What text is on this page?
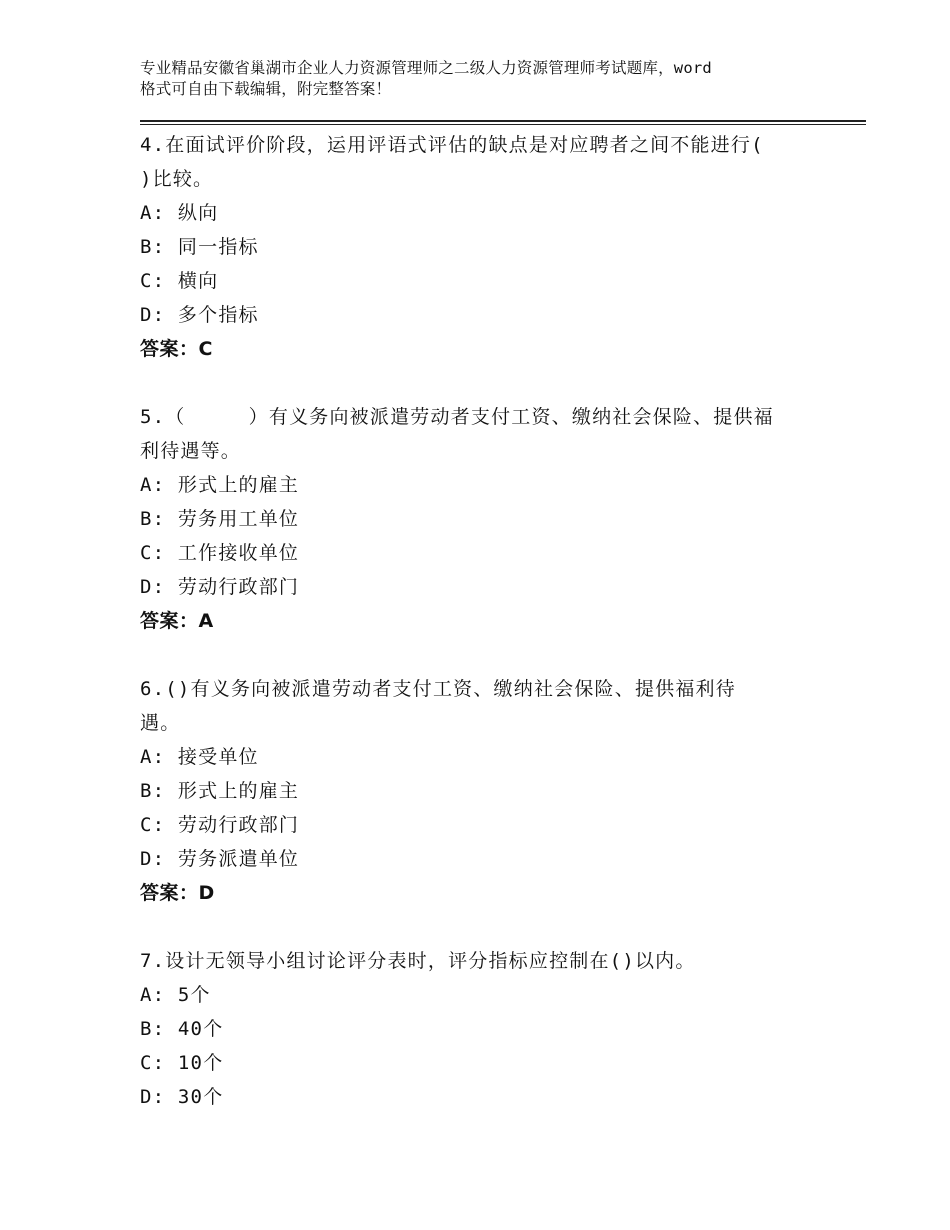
专业精品安徽省巢湖市企业人力资源管理师之二级人力资源管理师考试题库，word
格式可自由下载编辑，附完整答案！
4.在面试评价阶段，运用评语式评估的缺点是对应聘者之间不能进行(
)比较。
A: 纵向
B: 同一指标
C: 横向
D: 多个指标
答案：C
5.（     ）有义务向被派遣劳动者支付工资、缴纳社会保险、提供福
利待遇等。
A: 形式上的雇主
B: 劳务用工单位
C: 工作接收单位
D: 劳动行政部门
答案：A
6.()有义务向被派遣劳动者支付工资、缴纳社会保险、提供福利待
遇。
A: 接受单位
B: 形式上的雇主
C: 劳动行政部门
D: 劳务派遣单位
答案：D
7.设计无领导小组讨论评分表时，评分指标应控制在()以内。
A: 5个
B: 40个
C: 10个
D: 30个
